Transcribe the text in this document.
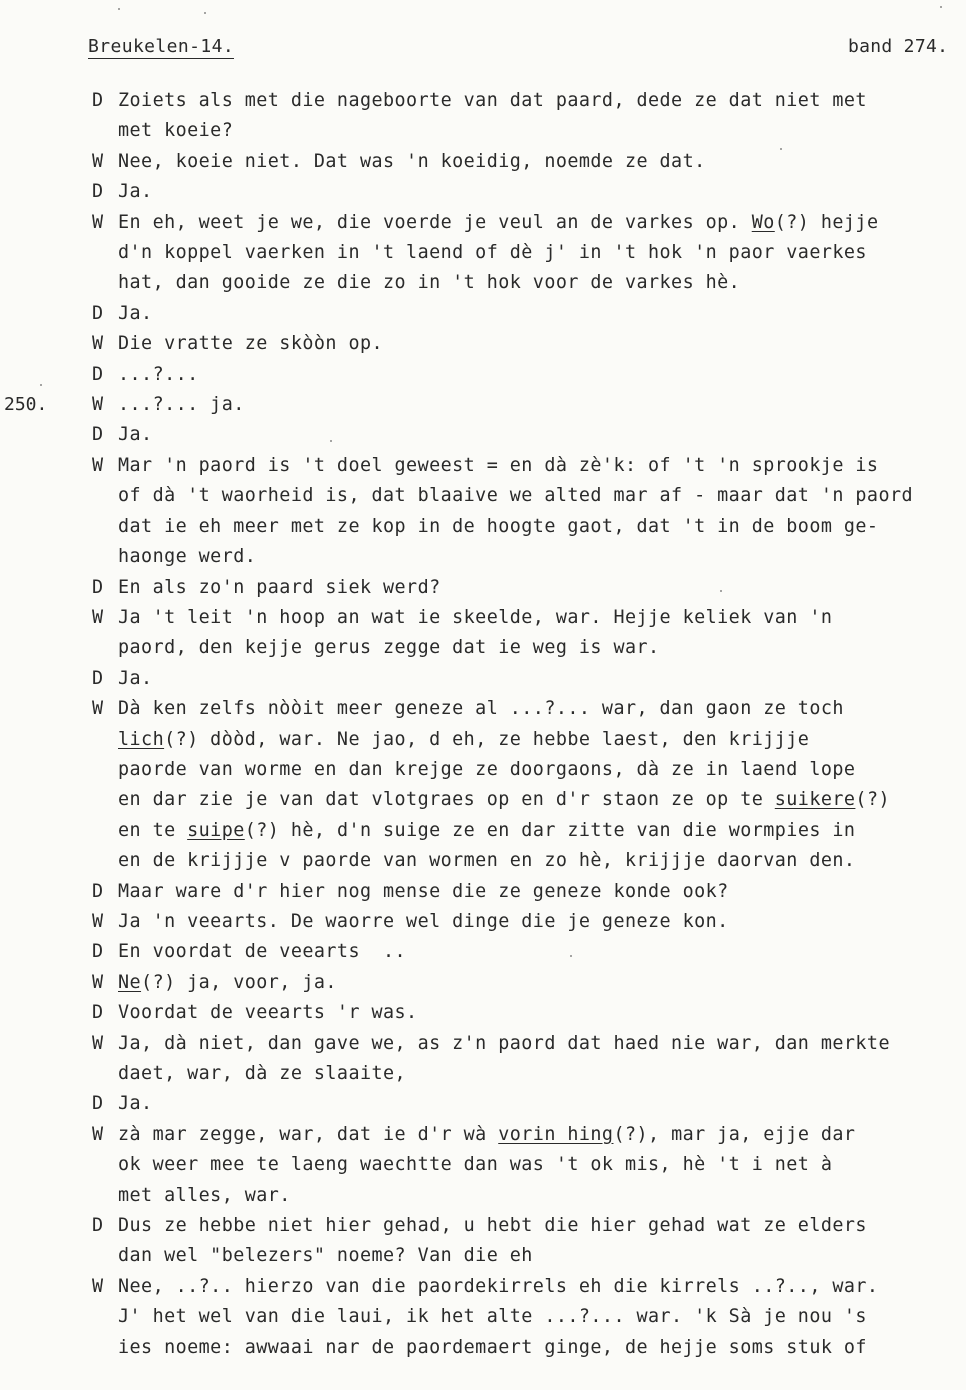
Breukelen-14.	band 274.
250.
D Zoiets als met die nageboorte van dat paard, dede ze dat niet met
met koeie?
W Nee, koeie niet. Dat was 'n koeidig, noemde ze dat.
D Ja.
W En eh, weet je we, die voerde je veul an de varkes op. Wo(?) hejje
d'n koppel vaerken in 't laend of dè j' in 't hok 'n paor vaerkes
hat, dan gooide ze die zo in 't hok voor de varkes hè.
D Ja.
W Die vratte ze skòòn op.
D ...?...
W ...?... ja.
D Ja.
W Mar 'n paord is 't doel geweest = en dà zè'k: of 't 'n sprookje is
of dà 't waorheid is, dat blaaive we alted mar af - maar dat 'n paord
dat ie eh meer met ze kop in de hoogte gaot, dat 't in de boom ge-
haonge werd.
D En als zo'n paard siek werd?
W Ja 't leit 'n hoop an wat ie skeelde, war. Hejje keliek van 'n
paord, den kejje gerus zegge dat ie weg is war.
D Ja.
W Dà ken zelfs nòòit meer geneze al ...?... war, dan gaon ze toch
lich(?) dòòd, war. Ne jao, d eh, ze hebbe laest, den krijjje
paorde van worme en dan krejge ze doorgaons, dà ze in laend lope
en dar zie je van dat vlotgraes op en d'r staon ze op te suikere(?)
en te suipe(?) hè, d'n suige ze en dar zitte van die wormpies in
en de krijjje v paorde van wormen en zo hè, krijjje daorvan den.
D Maar ware d'r hier nog mense die ze geneze konde ook?
W Ja 'n veearts. De waorre wel dinge die je geneze kon.
D En voordat de veearts  ..
W Ne(?) ja, voor, ja.
D Voordat de veearts 'r was.
W Ja, dà niet, dan gave we, as z'n paord dat haed nie war, dan merkte
daet, war, dà ze slaaite,
D Ja.
W zà mar zegge, war, dat ie d'r wà vorin hing(?), mar ja, ejje dar
ok weer mee te laeng waechtte dan was 't ok mis, hè 't i net à
met alles, war.
D Dus ze hebbe niet hier gehad, u hebt die hier gehad wat ze elders
dan wel "belezers" noeme? Van die eh
W Nee, ..?.. hierzo van die paordekirrels eh die kirrels ..?.., war.
J' het wel van die laui, ik het alte ...?... war. 'k Sà je nou 's
ies noeme: awwaai nar de paordemaert ginge, de hejje soms stuk of
